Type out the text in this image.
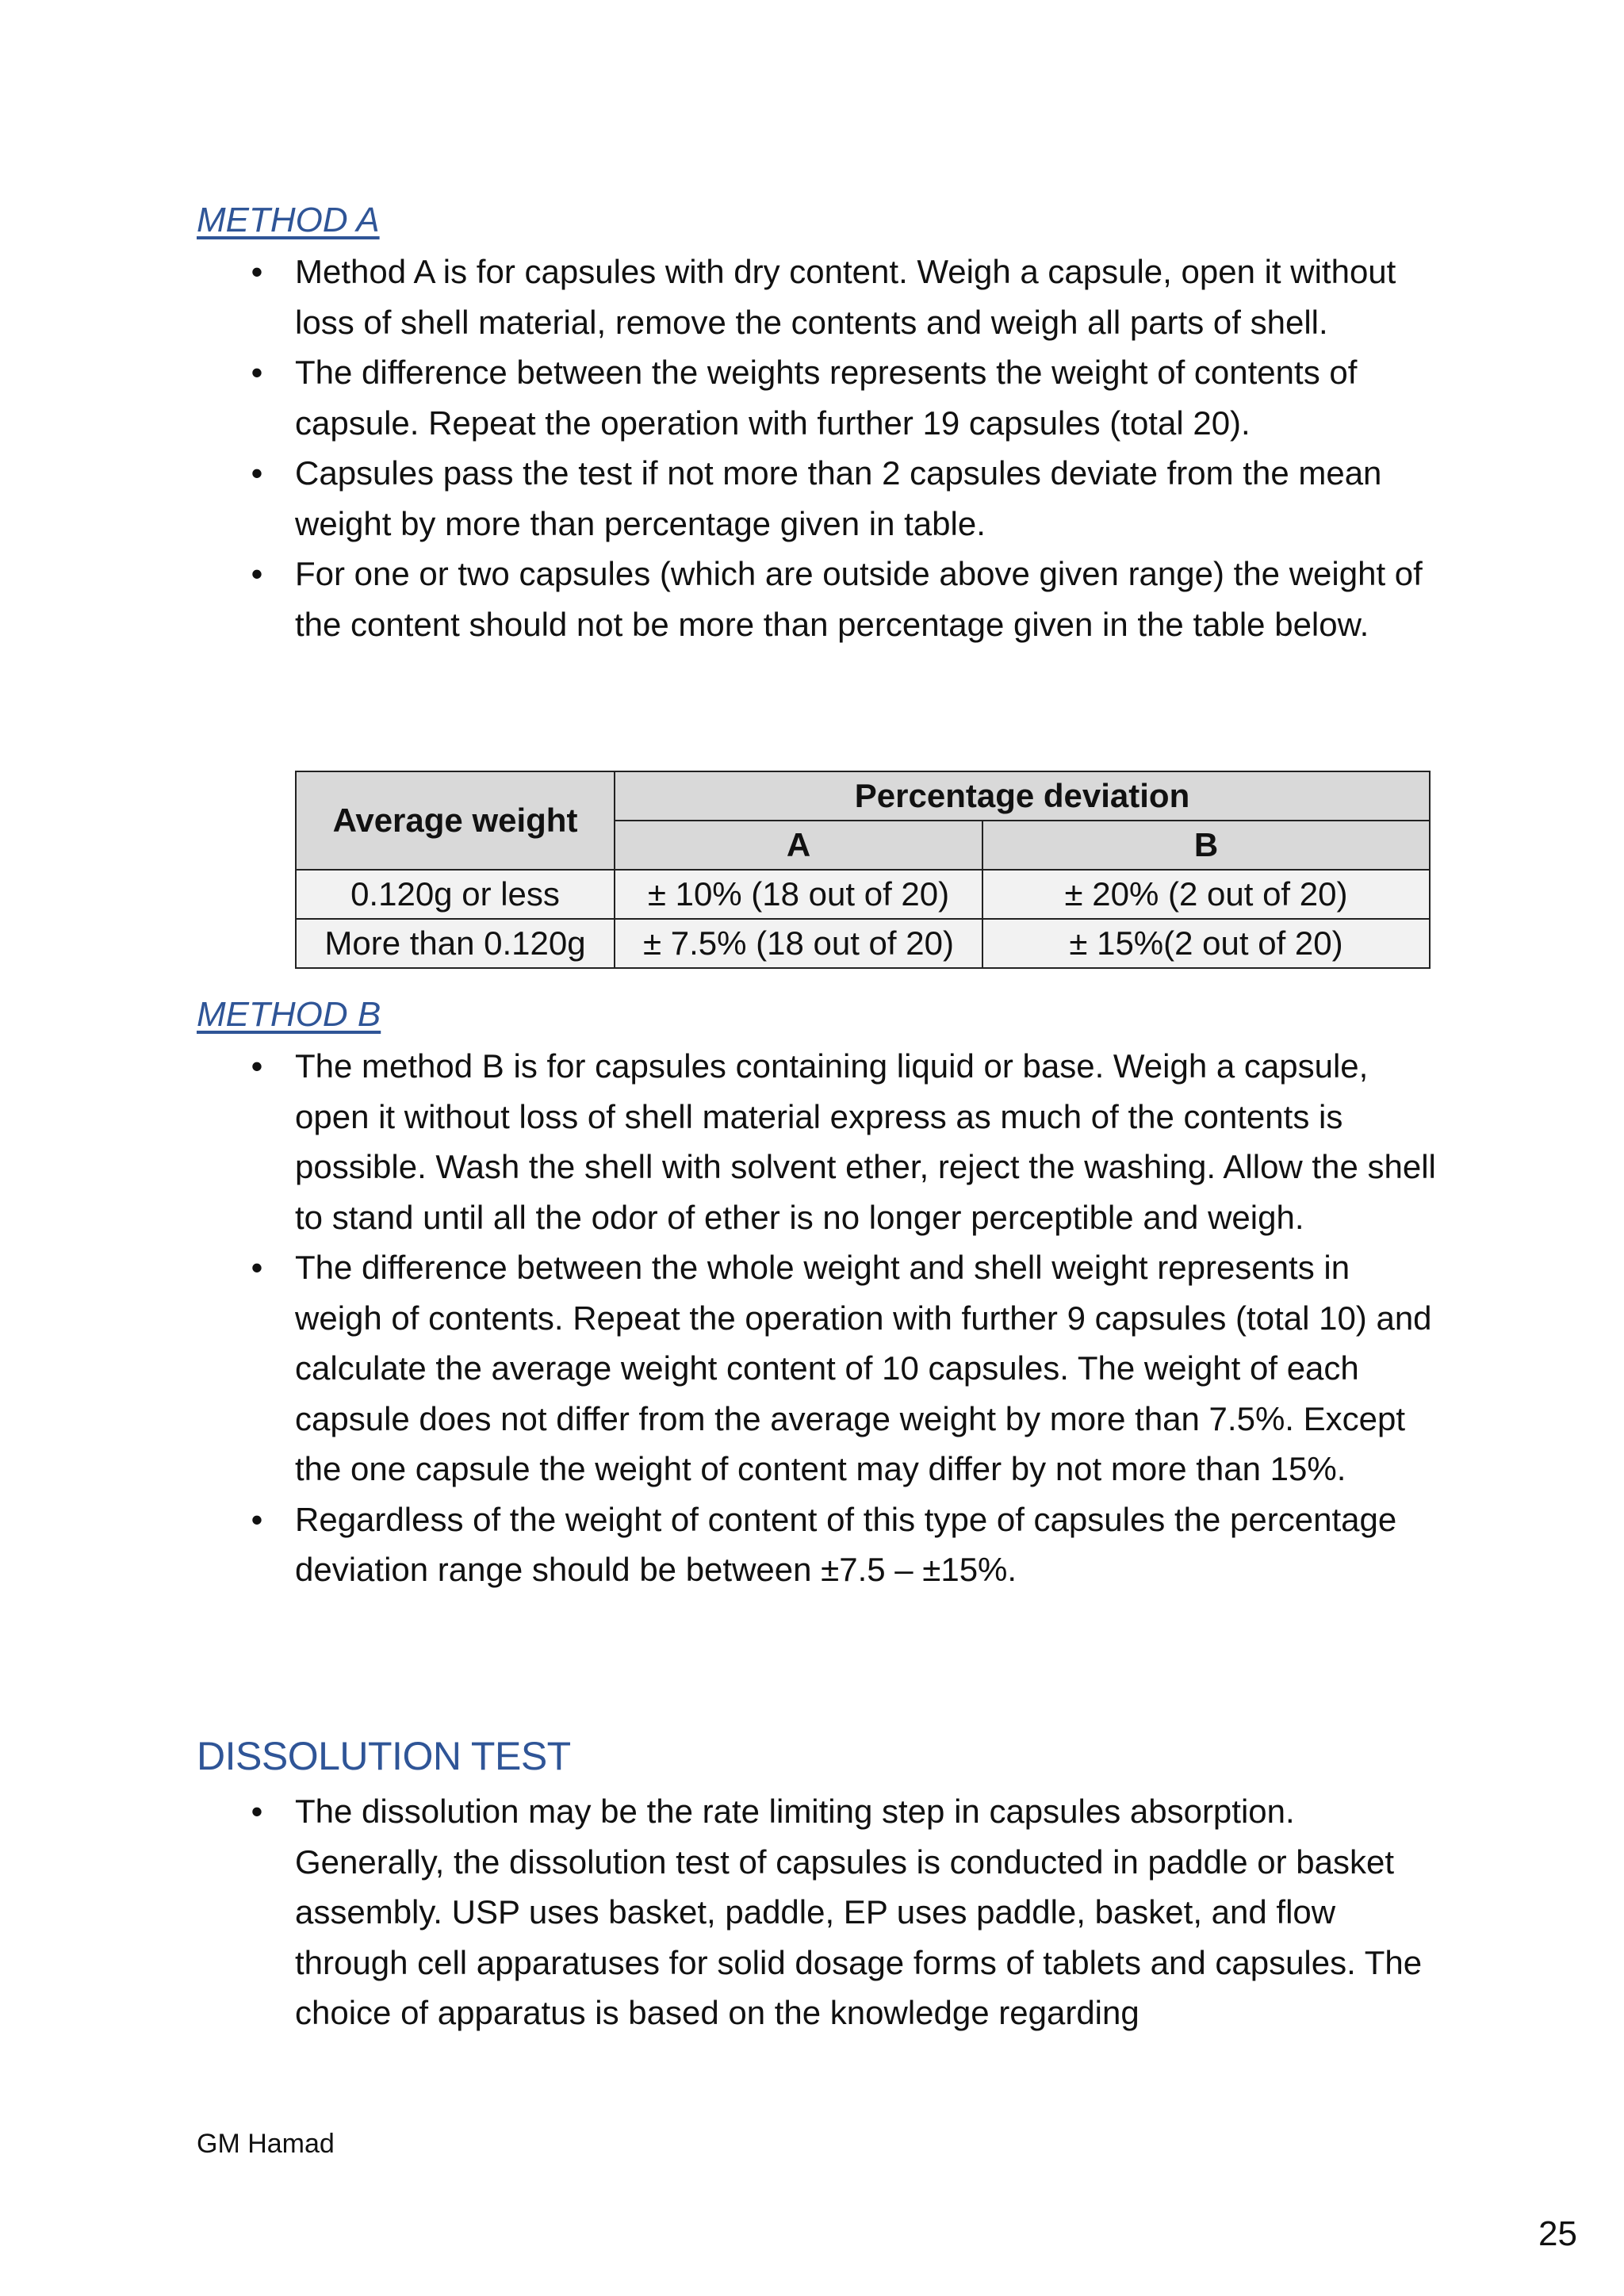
METHOD A
• Method A is for capsules with dry content. Weigh a capsule, open it without loss of shell material, remove the contents and weigh all parts of shell.
• The difference between the weights represents the weight of contents of capsule. Repeat the operation with further 19 capsules (total 20).
• Capsules pass the test if not more than 2 capsules deviate from the mean weight by more than percentage given in table.
• For one or two capsules (which are outside above given range) the weight of the content should not be more than percentage given in the table below.
Average weight	Percentage deviation	
	A	B
0.120g or less	± 10% (18 out of 20)	± 20% (2 out of 20)
More than 0.120g	± 7.5% (18 out of 20)	± 15%(2 out of 20)
METHOD B
• The method B is for capsules containing liquid or base. Weigh a capsule, open it without loss of shell material express as much of the contents is possible. Wash the shell with solvent ether, reject the washing. Allow the shell to stand until all the odor of ether is no longer perceptible and weigh.
• The difference between the whole weight and shell weight represents in weigh of contents. Repeat the operation with further 9 capsules (total 10) and calculate the average weight content of 10 capsules. The weight of each capsule does not differ from the average weight by more than 7.5%. Except the one capsule the weight of content may differ by not more than 15%.
• Regardless of the weight of content of this type of capsules the percentage deviation range should be between ±7.5 – ±15%.
DISSOLUTION TEST
• The dissolution may be the rate limiting step in capsules absorption. Generally, the dissolution test of capsules is conducted in paddle or basket assembly. USP uses basket, paddle, EP uses paddle, basket, and flow through cell apparatuses for solid dosage forms of tablets and capsules. The choice of apparatus is based on the knowledge regarding
GM Hamad
25
